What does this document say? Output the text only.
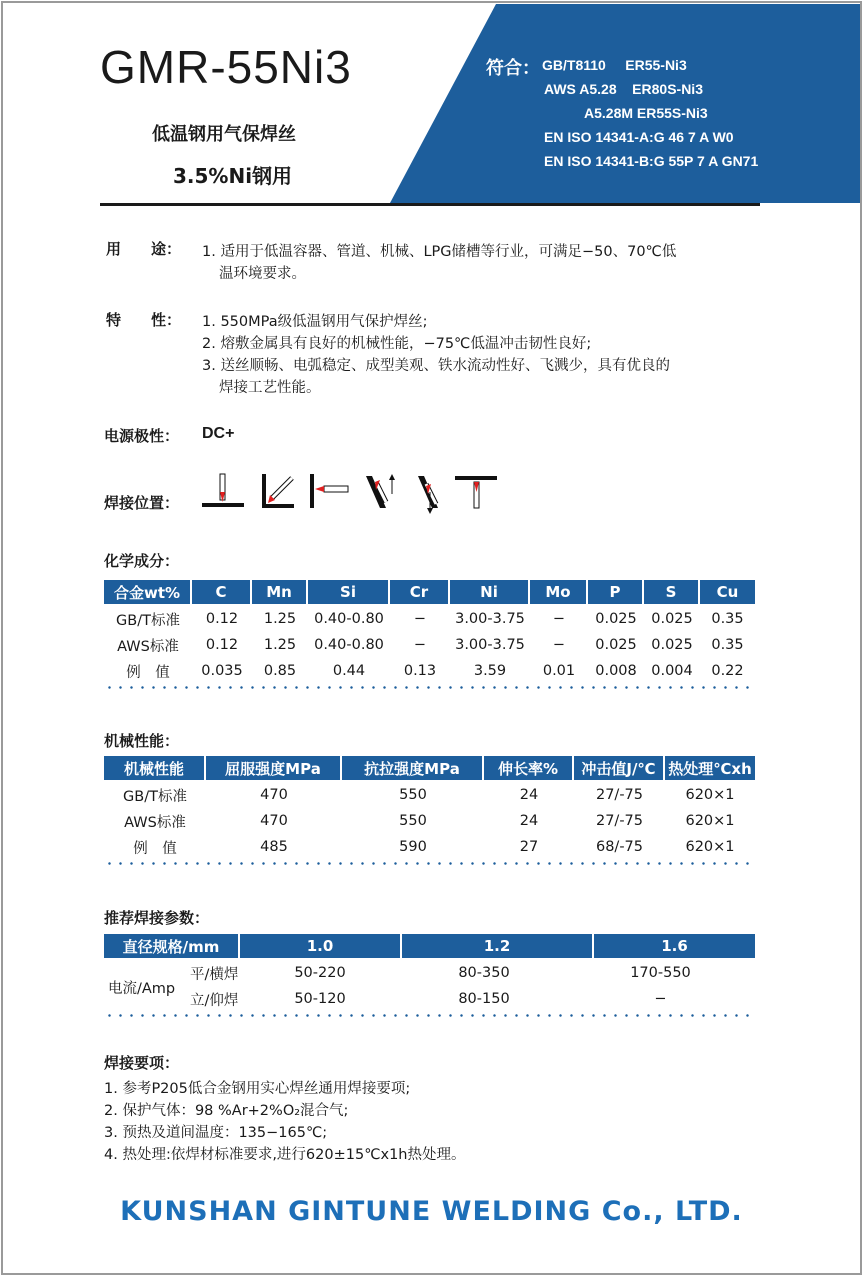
GMR-55Ni3
低温钢用气保焊丝
3.5%Ni钢用
符合： GB/T8110     ER55-Ni3
AWS A5.28    ER80S-Ni3
A5.28M ER55S-Ni3
EN ISO 14341-A:G 46 7 A W0
EN ISO 14341-B:G 55P 7 A GN71
用　　途： 1. 适用于低温容器、管道、机械、LPG储槽等行业，可满足−50、70℃低
温环境要求。
特　　性： 1. 550MPa级低温钢用气保护焊丝;
2. 熔敷金属具有良好的机械性能，−75℃低温冲击韧性良好;
3. 送丝顺畅、电弧稳定、成型美观、铁水流动性好、飞溅少，具有优良的
焊接工艺性能。
电源极性： DC+
焊接位置：
化学成分：
合金wt%	C	Mn	Si	Cr	Ni	Mo	P	S	Cu
GB/T标准	0.12	1.25	0.40-0.80	−	3.00-3.75	−	0.025 0.025	0.35
AWS标准	0.12	1.25	0.40-0.80	−	3.00-3.75	−	0.025 0.025	0.35
例　值	0.035	0.85	0.44	0.13	3.59	0.01	0.008 0.004	0.22
机械性能：
机械性能	屈服强度MPa	抗拉强度MPa	伸长率%	冲击值J/℃ 热处理℃xh
GB/T标准	470	550	24	27/-75	620×1
AWS标准	470	550	24	27/-75	620×1
例　值	485	590	27	68/-75	620×1
推荐焊接参数：
直径规格/mm	1.0	1.2	1.6
电流/Amp
平/横焊	50-220	80-350	170-550
立/仰焊	50-120	80-150	−
焊接要项：
1. 参考P205低合金钢用实心焊丝通用焊接要项;
2. 保护气体：98 %Ar+2%O₂混合气;
3. 预热及道间温度：135−165℃;
4. 热处理:依焊材标准要求,进行620±15℃x1h热处理。
KUNSHAN GINTUNE WELDING Co., LTD.
